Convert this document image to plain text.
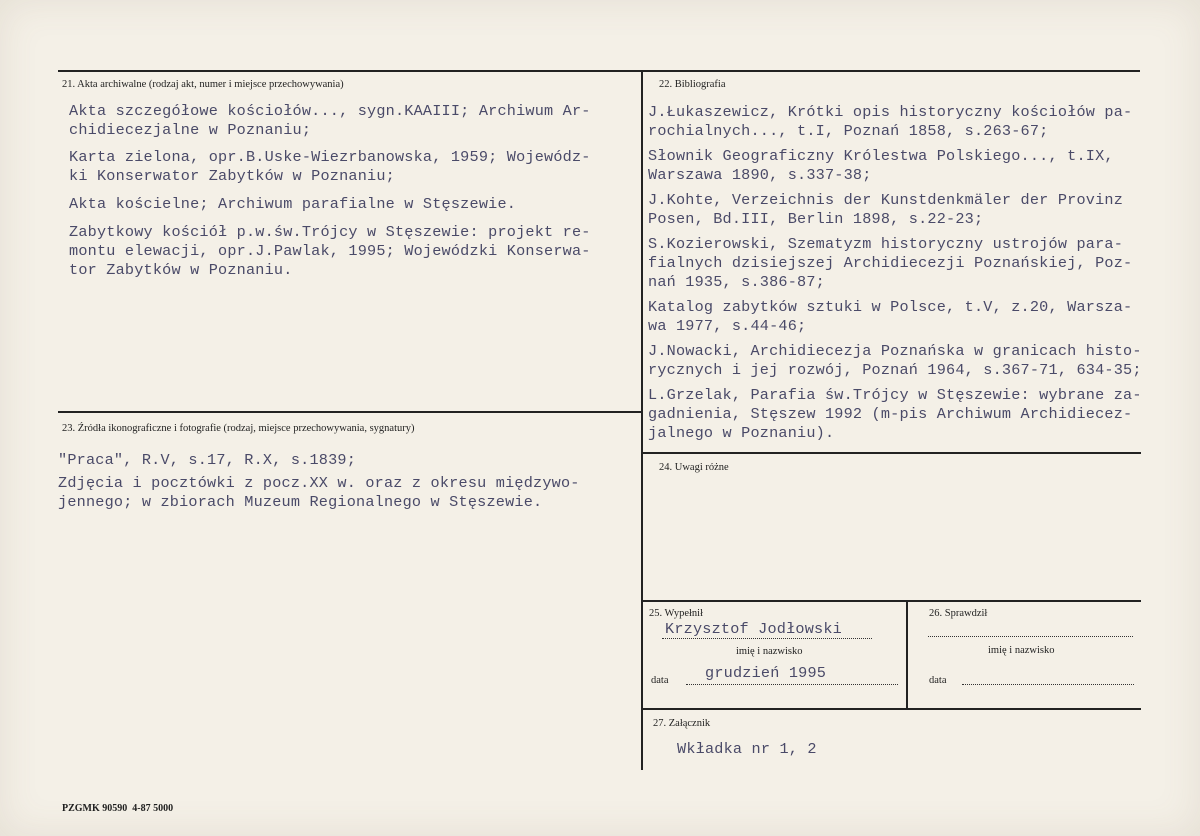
21. Akta archiwalne (rodzaj akt, numer i miejsce przechowywania)
Akta szczegółowe kościołów..., sygn.KAAIII; Archiwum Ar-
chidiecezjalne w Poznaniu;
Karta zielona, opr.B.Uske-Wiezrbanowska, 1959; Wojewódz-
ki Konserwator Zabytków w Poznaniu;
Akta kościelne; Archiwum parafialne w Stęszewie.
Zabytkowy kościół p.w.św.Trójcy w Stęszewie: projekt re-
montu elewacji, opr.J.Pawlak, 1995; Wojewódzki Konserwa-
tor Zabytków w Poznaniu.
22. Bibliografia
J.Łukaszewicz, Krótki opis historyczny kościołów pa-
rochialnych..., t.I, Poznań 1858, s.263-67;
Słownik Geograficzny Królestwa Polskiego..., t.IX,
Warszawa 1890, s.337-38;
J.Kohte, Verzeichnis der Kunstdenkmäler der Provinz
Posen, Bd.III, Berlin 1898, s.22-23;
S.Kozierowski, Szematyzm historyczny ustrojów para-
fialnych dzisiejszej Archidiecezji Poznańskiej, Poz-
nań 1935, s.386-87;
Katalog zabytków sztuki w Polsce, t.V, z.20, Warsza-
wa 1977, s.44-46;
J.Nowacki, Archidiecezja Poznańska w granicach histo-
rycznych i jej rozwój, Poznań 1964, s.367-71, 634-35;
L.Grzelak, Parafia św.Trójcy w Stęszewie: wybrane za-
gadnienia, Stęszew 1992 (m-pis Archiwum Archidiecez-
jalnego w Poznaniu).
23. Źródła ikonograficzne i fotografie (rodzaj, miejsce przechowywania, sygnatury)
"Praca", R.V, s.17, R.X, s.1839;
Zdjęcia i pocztówki z pocz.XX w. oraz z okresu międzywo-
jennego; w zbiorach Muzeum Regionalnego w Stęszewie.
24. Uwagi różne
25. Wypełnił
Krzysztof Jodłowski
imię i nazwisko
grudzień 1995
data
26. Sprawdził
imię i nazwisko
data
27. Załącznik
Wkładka nr 1, 2
PZGMK 90590  4-87 5000
